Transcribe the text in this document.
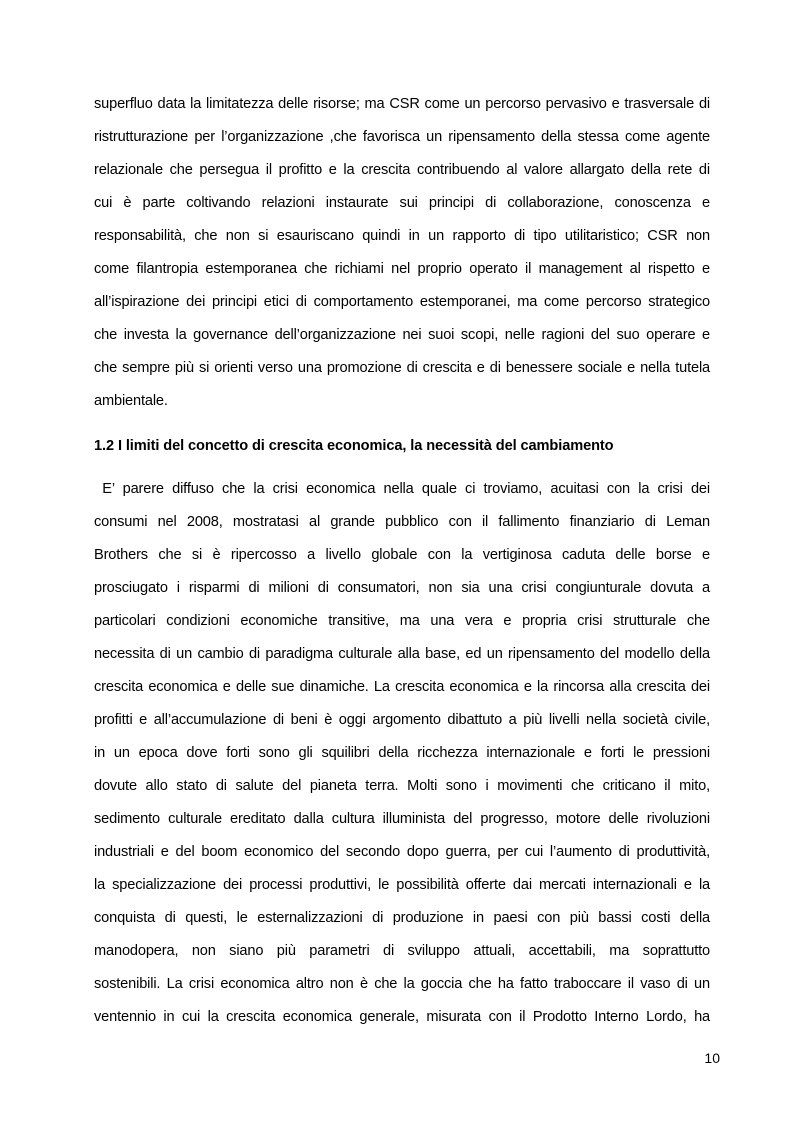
superfluo data la limitatezza delle risorse; ma CSR come un percorso pervasivo e trasversale di
ristrutturazione per l’organizzazione ,che favorisca un ripensamento della stessa come agente
relazionale che persegua il profitto e la crescita contribuendo al valore allargato della rete di
cui è parte coltivando relazioni instaurate sui principi di collaborazione, conoscenza e
responsabilità, che non si esauriscano quindi in un rapporto di tipo utilitaristico; CSR non
come filantropia estemporanea che richiami nel proprio operato il management al rispetto e
all’ispirazione dei principi etici di comportamento estemporanei, ma come percorso strategico
che investa la governance dell’organizzazione nei suoi scopi, nelle ragioni del suo operare e
che sempre più si orienti verso una promozione di crescita e di benessere sociale e nella tutela
ambientale.
1.2 I limiti del concetto di crescita economica, la necessità del cambiamento
E’ parere diffuso che la crisi economica nella quale ci troviamo, acuitasi con la crisi dei
consumi nel 2008, mostratasi al grande pubblico con il fallimento finanziario di Leman
Brothers che si è ripercosso a livello globale con la vertiginosa caduta delle borse e
prosciugato i risparmi di milioni di consumatori, non sia una crisi congiunturale dovuta a
particolari condizioni economiche transitive, ma una vera e propria crisi strutturale che
necessita di un cambio di paradigma culturale alla base, ed un ripensamento del modello della
crescita economica e delle sue dinamiche. La crescita economica e la rincorsa alla crescita dei
profitti e all’accumulazione di beni è oggi argomento dibattuto a più livelli nella società civile,
in un epoca dove forti sono gli squilibri della ricchezza internazionale e forti le pressioni
dovute allo stato di salute del pianeta terra. Molti sono i movimenti che criticano il mito,
sedimento culturale ereditato dalla cultura illuminista del progresso, motore delle rivoluzioni
industriali e del boom economico del secondo dopo guerra, per cui l’aumento di produttività,
la specializzazione dei processi produttivi, le possibilità offerte dai mercati internazionali e la
conquista di questi, le esternalizzazioni di produzione in paesi con più bassi costi della
manodopera, non siano più parametri di sviluppo attuali, accettabili, ma soprattutto
sostenibili. La crisi economica altro non è che la goccia che ha fatto traboccare il vaso di un
ventennio in cui la crescita economica generale, misurata con il Prodotto Interno Lordo, ha
10
